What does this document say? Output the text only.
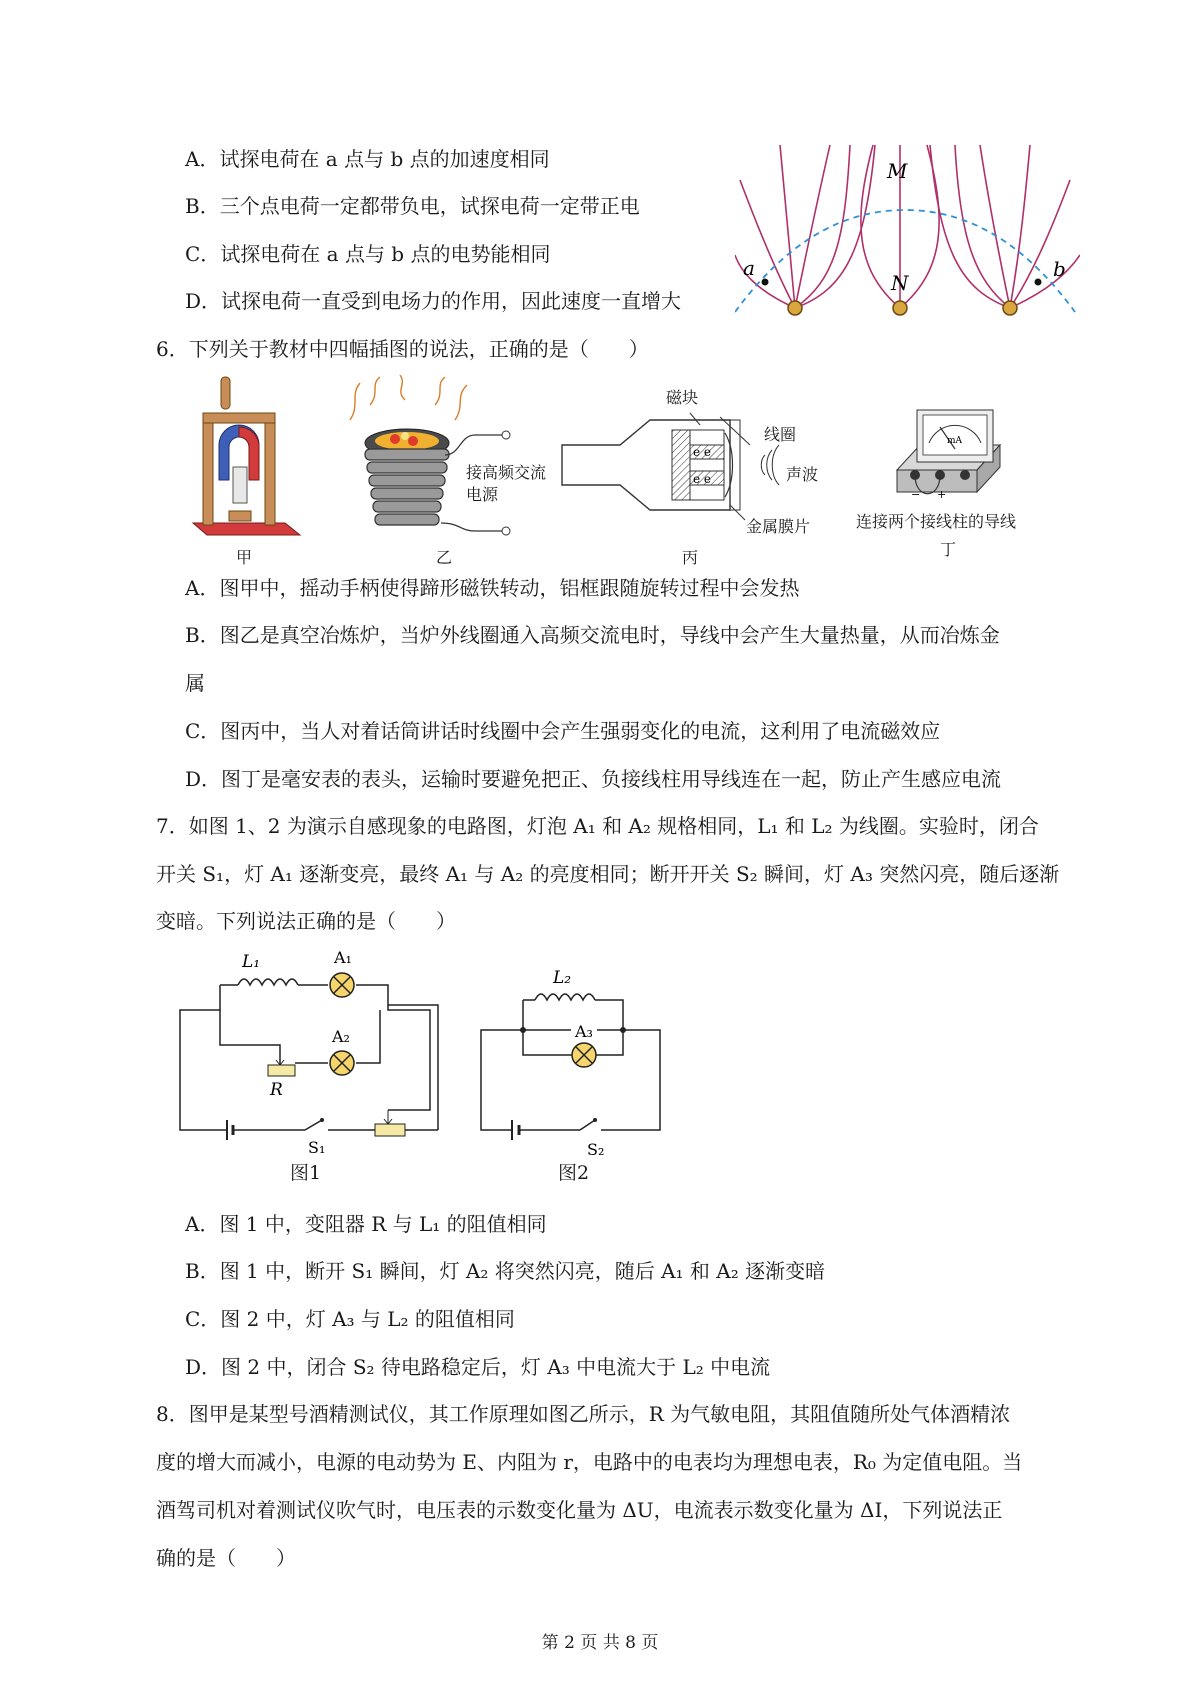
A．试探电荷在 a 点与 b 点的加速度相同
B．三个点电荷一定都带负电，试探电荷一定带正电
C．试探电荷在 a 点与 b 点的电势能相同
D．试探电荷一直受到电场力的作用，因此速度一直增大
M
N
a	b
6．下列关于教材中四幅插图的说法，正确的是（　　）
甲
接高频交流电源
乙
e e
e e
磁块
线圈
声波
金属膜片
丙
mA
− +
连接两个接线柱的导线
丁
A．图甲中，摇动手柄使得蹄形磁铁转动，铝框跟随旋转过程中会发热
B．图乙是真空冶炼炉，当炉外线圈通入高频交流电时，导线中会产生大量热量，从而冶炼金
属
C．图丙中，当人对着话筒讲话时线圈中会产生强弱变化的电流，这利用了电流磁效应
D．图丁是毫安表的表头，运输时要避免把正、负接线柱用导线连在一起，防止产生感应电流
7．如图 1、2 为演示自感现象的电路图，灯泡 A₁ 和 A₂ 规格相同，L₁ 和 L₂ 为线圈。实验时，闭合
开关 S₁，灯 A₁ 逐渐变亮，最终 A₁ 与 A₂ 的亮度相同；断开开关 S₂ 瞬间，灯 A₃ 突然闪亮，随后逐渐
变暗。下列说法正确的是（　　）
L₁	A₁
A₂
R
S₁
图1
L₂
A₃
S₂
图2
A．图 1 中，变阻器 R 与 L₁ 的阻值相同
B．图 1 中，断开 S₁ 瞬间，灯 A₂ 将突然闪亮，随后 A₁ 和 A₂ 逐渐变暗
C．图 2 中，灯 A₃ 与 L₂ 的阻值相同
D．图 2 中，闭合 S₂ 待电路稳定后，灯 A₃ 中电流大于 L₂ 中电流
8．图甲是某型号酒精测试仪，其工作原理如图乙所示，R 为气敏电阻，其阻值随所处气体酒精浓
度的增大而减小，电源的电动势为 E、内阻为 r，电路中的电表均为理想电表，R₀ 为定值电阻。当
酒驾司机对着测试仪吹气时，电压表的示数变化量为 ΔU，电流表示数变化量为 ΔI，下列说法正
确的是（　　）
第 2 页 共 8 页
